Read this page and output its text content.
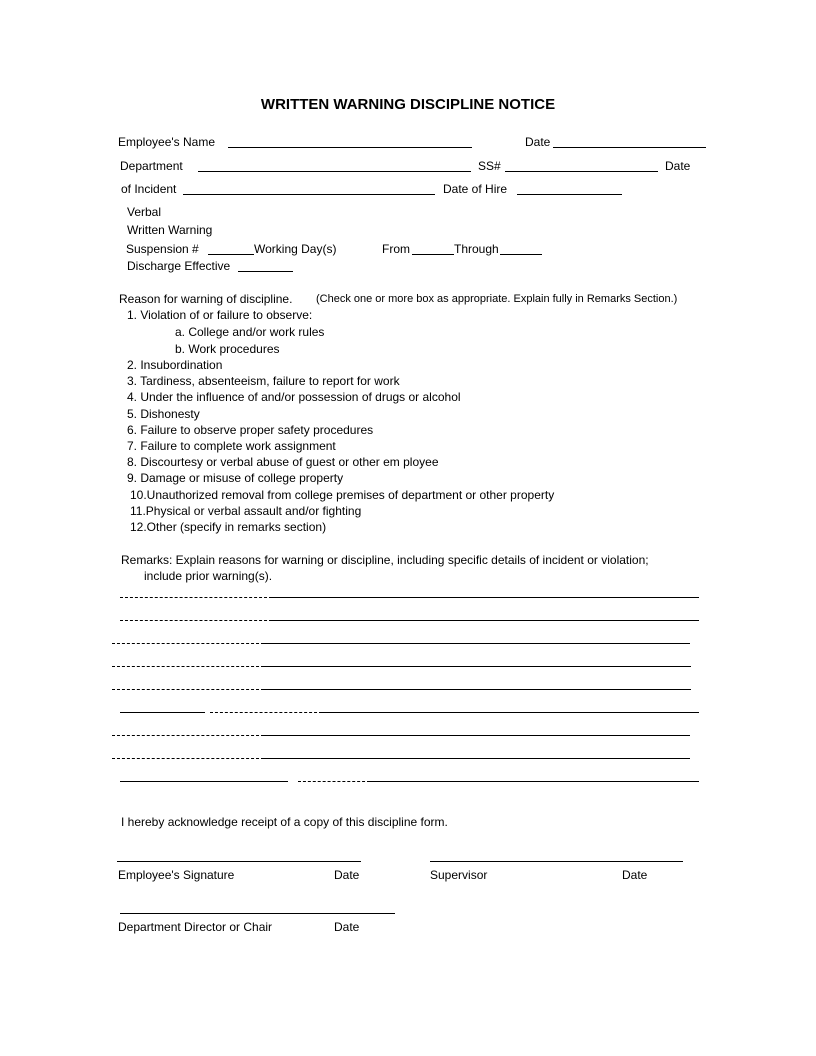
WRITTEN WARNING DISCIPLINE NOTICE
Employee's Name	Date
Department	SS#	Date
of Incident	Date of Hire
Verbal
Written Warning
Suspension #	Working Day(s)	From	Through
Discharge Effective
Reason for warning of discipline. (Check one or more box as appropriate. Explain fully in Remarks Section.)
1. Violation of or failure to observe:
a. College and/or work rules
b. Work procedures
2. Insubordination
3. Tardiness, absenteeism, failure to report for work
4. Under the influence of and/or possession of drugs or alcohol
5. Dishonesty
6. Failure to observe proper safety procedures
7. Failure to complete work assignment
8. Discourtesy or verbal abuse of guest or other em ployee
9. Damage or misuse of college property
10.Unauthorized removal from college premises of department or other property
11.Physical or verbal assault and/or fighting
12.Other (specify in remarks section)
Remarks: Explain reasons for warning or discipline, including specific details of incident or violation;
include prior warning(s).
I hereby acknowledge receipt of a copy of this discipline form.
Employee's Signature	Date	Supervisor	Date
Department Director or Chair	Date
